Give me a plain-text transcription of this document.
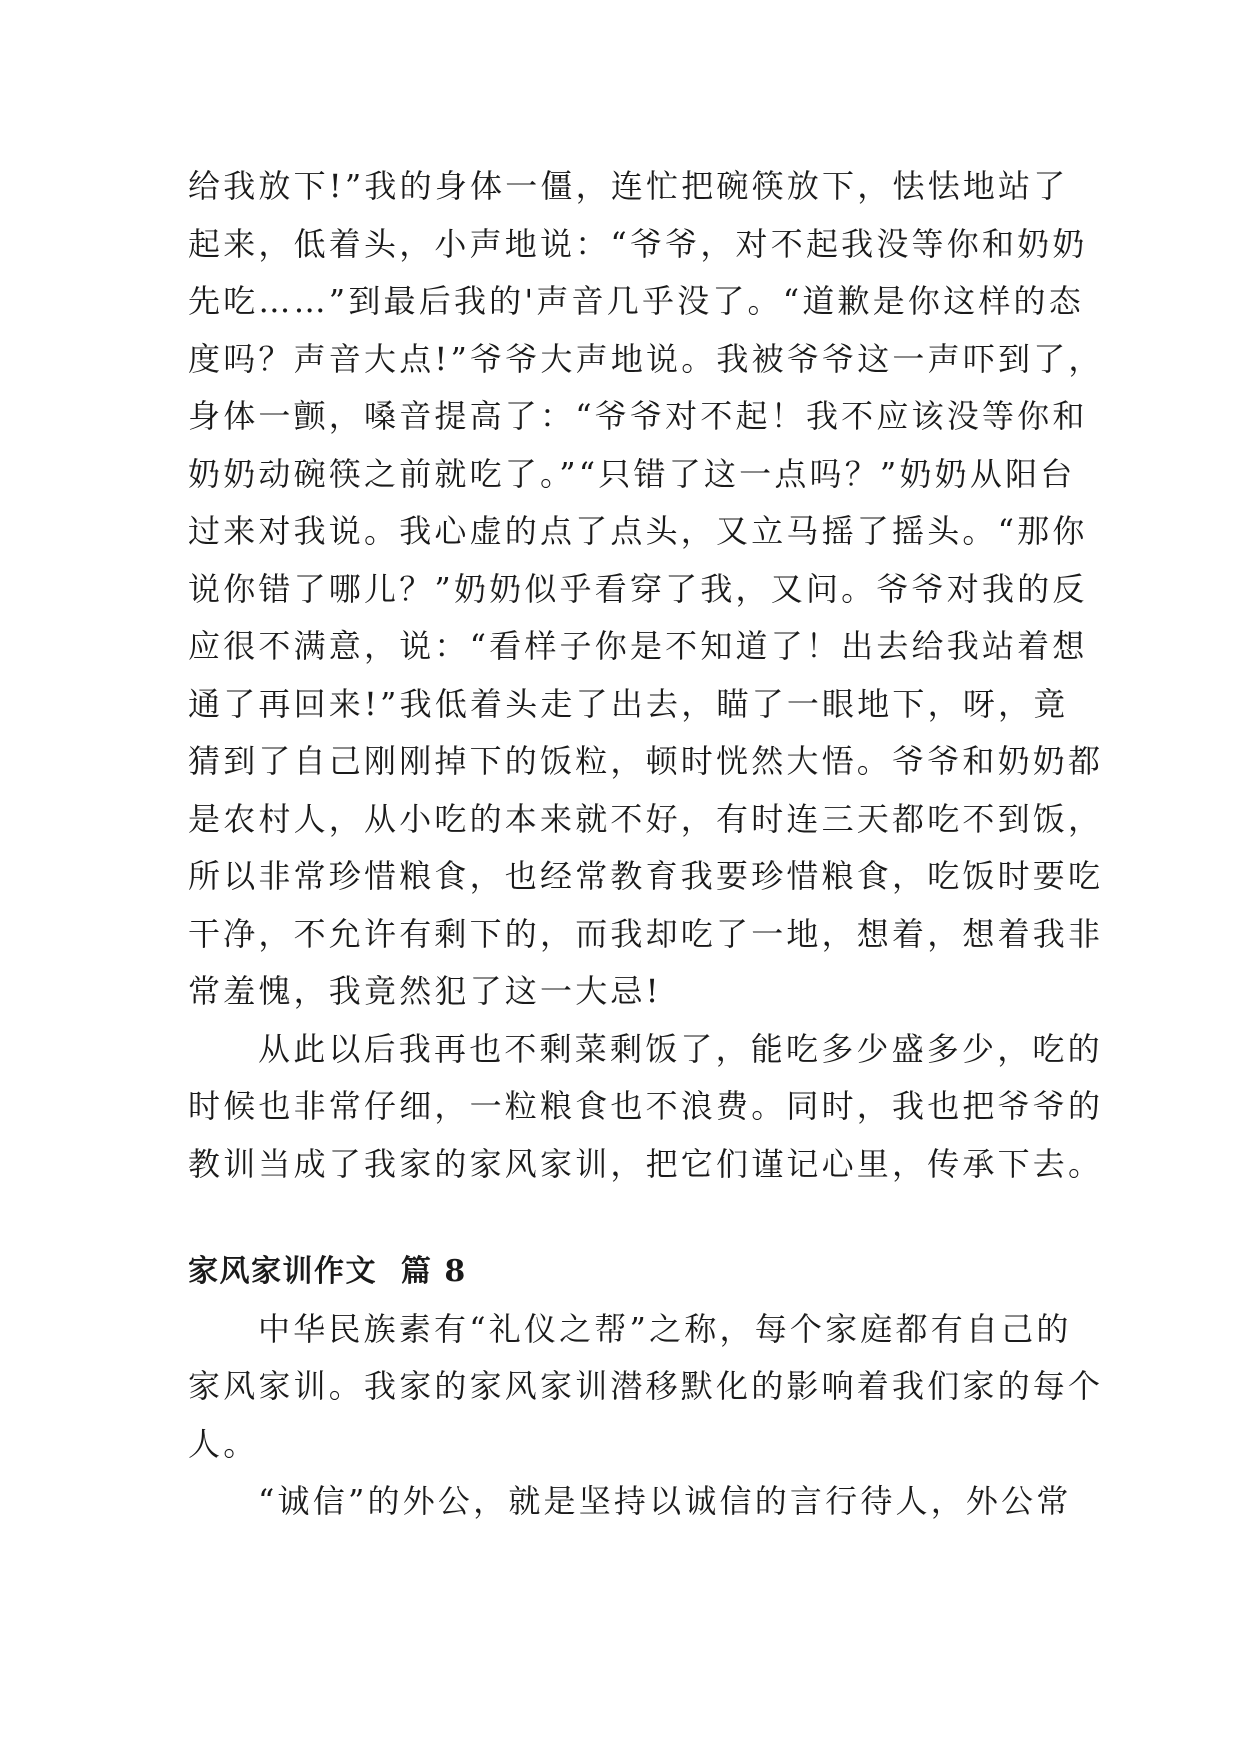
给我放下!”我的身体一僵，连忙把碗筷放下，怯怯地站了
起来，低着头，小声地说：“爷爷，对不起我没等你和奶奶
先吃……”到最后我的'声音几乎没了。“道歉是你这样的态
度吗？声音大点!”爷爷大声地说。我被爷爷这一声吓到了，
身体一颤，嗓音提高了：“爷爷对不起！我不应该没等你和
奶奶动碗筷之前就吃了。”“只错了这一点吗？”奶奶从阳台
过来对我说。我心虚的点了点头，又立马摇了摇头。“那你
说你错了哪儿？”奶奶似乎看穿了我，又问。爷爷对我的反
应很不满意，说：“看样子你是不知道了！出去给我站着想
通了再回来!”我低着头走了出去，瞄了一眼地下，呀，竟
猜到了自己刚刚掉下的饭粒，顿时恍然大悟。爷爷和奶奶都
是农村人，从小吃的本来就不好，有时连三天都吃不到饭，
所以非常珍惜粮食，也经常教育我要珍惜粮食，吃饭时要吃
干净，不允许有剩下的，而我却吃了一地，想着，想着我非
常羞愧，我竟然犯了这一大忌!
从此以后我再也不剩菜剩饭了，能吃多少盛多少，吃的
时候也非常仔细，一粒粮食也不浪费。同时，我也把爷爷的
教训当成了我家的家风家训，把它们谨记心里，传承下去。
家风家训作文  篇 8
中华民族素有“礼仪之帮”之称，每个家庭都有自己的
家风家训。我家的家风家训潜移默化的影响着我们家的每个
人。
“诚信”的外公，就是坚持以诚信的言行待人，外公常
